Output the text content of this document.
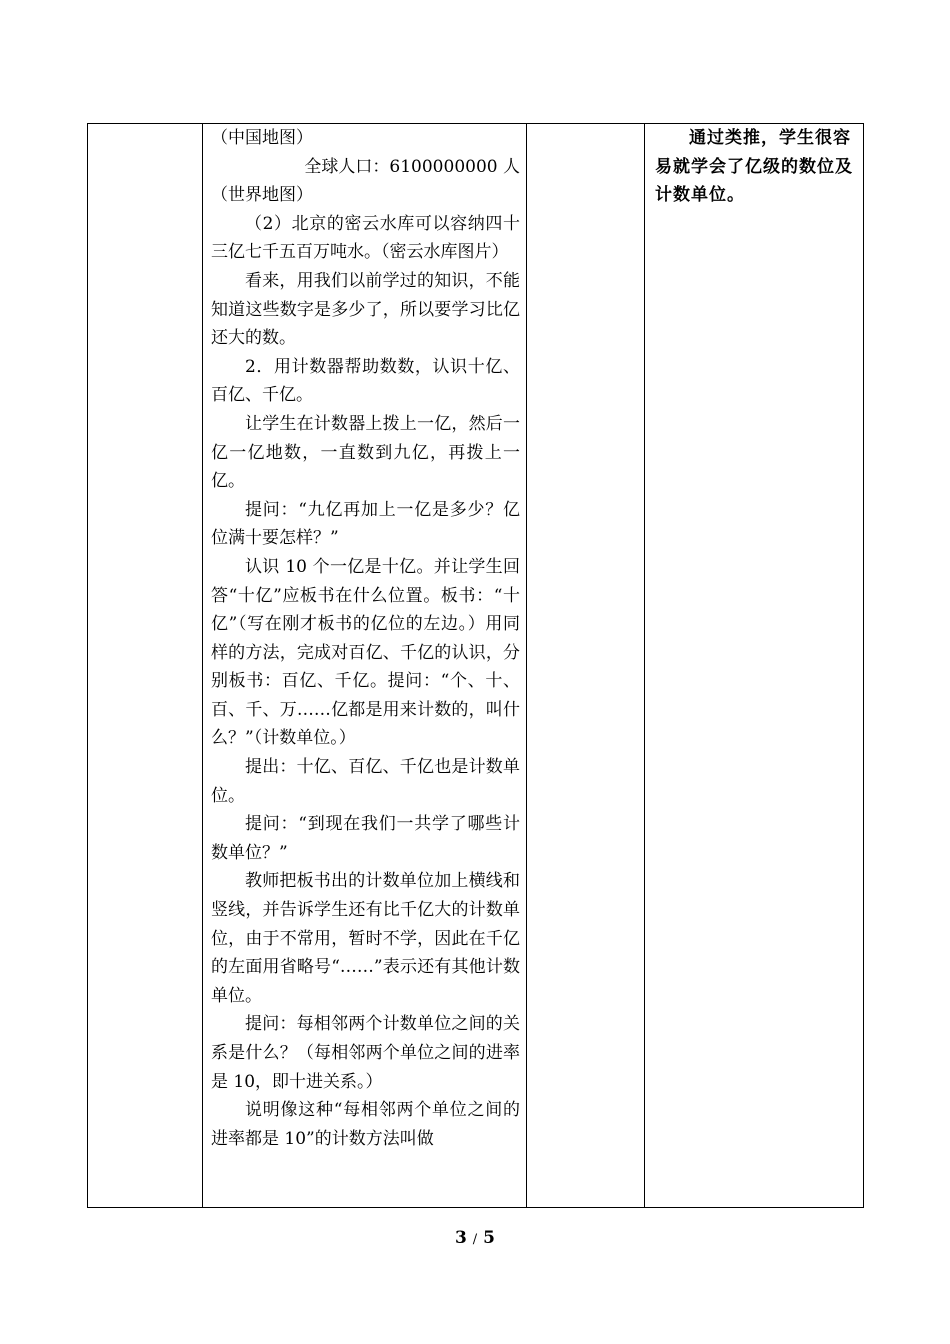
（中国地图）

全球人口：6100000000 人

（世界地图）

（2）北京的密云水库可以容纳四十三亿七千五百万吨水。（密云水库图片）

看来，用我们以前学过的知识，不能知道这些数字是多少了，所以要学习比亿还大的数。

2．用计数器帮助数数，认识十亿、百亿、千亿。

让学生在计数器上拨上一亿，然后一亿一亿地数，一直数到九亿，再拨上一亿。

提问：“九亿再加上一亿是多少？亿位满十要怎样？”

认识 10 个一亿是十亿。并让学生回答“十亿”应板书在什么位置。板书：“十亿”（写在刚才板书的亿位的左边。）用同样的方法，完成对百亿、千亿的认识，分别板书：百亿、千亿。提问：“个、十、百、千、万……亿都是用来计数的，叫什么？”（计数单位。）

提出：十亿、百亿、千亿也是计数单位。

提问：“到现在我们一共学了哪些计数单位？”

教师把板书出的计数单位加上横线和竖线，并告诉学生还有比千亿大的计数单位，由于不常用，暂时不学，因此在千亿的左面用省略号“……”表示还有其他计数单位。

提问：每相邻两个计数单位之间的关系是什么？（每相邻两个单位之间的进率是 10，即十进关系。）

说明像这种“每相邻两个单位之间的进率都是 10”的计数方法叫做

通过类推，学生很容易就学会了亿级的数位及计数单位。

3 / 5
